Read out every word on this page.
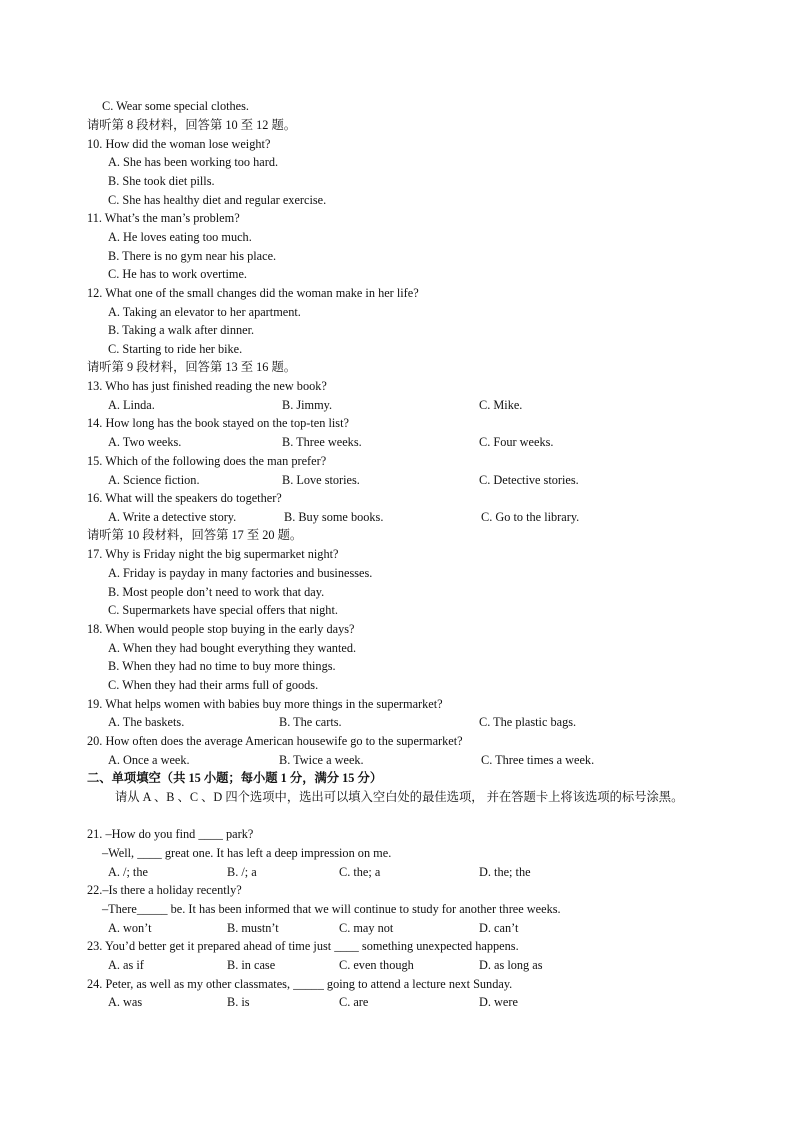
C. Wear some special clothes.
请听第 8 段材料，回答第 10 至 12 题。
10. How did the woman lose weight?
A. She has been working too hard.
B. She took diet pills.
C. She has healthy diet and regular exercise.
11. What’s the man’s problem?
A. He loves eating too much.
B. There is no gym near his place.
C. He has to work overtime.
12. What one of the small changes did the woman make in her life?
A. Taking an elevator to her apartment.
B. Taking a walk after dinner.
C. Starting to ride her bike.
请听第 9 段材料，回答第 13 至 16 题。
13. Who has just finished reading the new book?
A. Linda.	B. Jimmy.	C. Mike.
14. How long has the book stayed on the top-ten list?
A. Two weeks.	B. Three weeks.	C. Four weeks.
15. Which of the following does the man prefer?
A. Science fiction.	B. Love stories.	C. Detective stories.
16. What will the speakers do together?
A. Write a detective story.	B. Buy some books.	C. Go to the library.
请听第 10 段材料，回答第 17 至 20 题。
17. Why is Friday night the big supermarket night?
A. Friday is payday in many factories and businesses.
B. Most people don’t need to work that day.
C. Supermarkets have special offers that night.
18. When would people stop buying in the early days?
A. When they had bought everything they wanted.
B. When they had no time to buy more things.
C. When they had their arms full of goods.
19. What helps women with babies buy more things in the supermarket?
A. The baskets.	B. The carts.	C. The plastic bags.
20. How often does the average American housewife go to the supermarket?
A. Once a week.	B. Twice a week.	C. Three times a week.
二、单项填空（共 15 小题；每小题 1 分，满分 15 分）
请从 A 、B 、C 、D 四个选项中，选出可以填入空白处的最佳选项， 并在答题卡上将该选项的标号涂黑。
21. –How do you find ____ park?
–Well, ____ great one. It has left a deep impression on me.
A. /; the	B. /; a	C. the; a	D. the; the
22.–Is there a holiday recently?
–There_____ be. It has been informed that we will continue to study for another three weeks.
A. won’t	B. mustn’t	C. may not	D. can’t
23. You’d better get it prepared ahead of time just ____ something unexpected happens.
A. as if	B. in case	C. even though	D. as long as
24. Peter, as well as my other classmates, _____ going to attend a lecture next Sunday.
A. was	B. is	C. are	D. were
